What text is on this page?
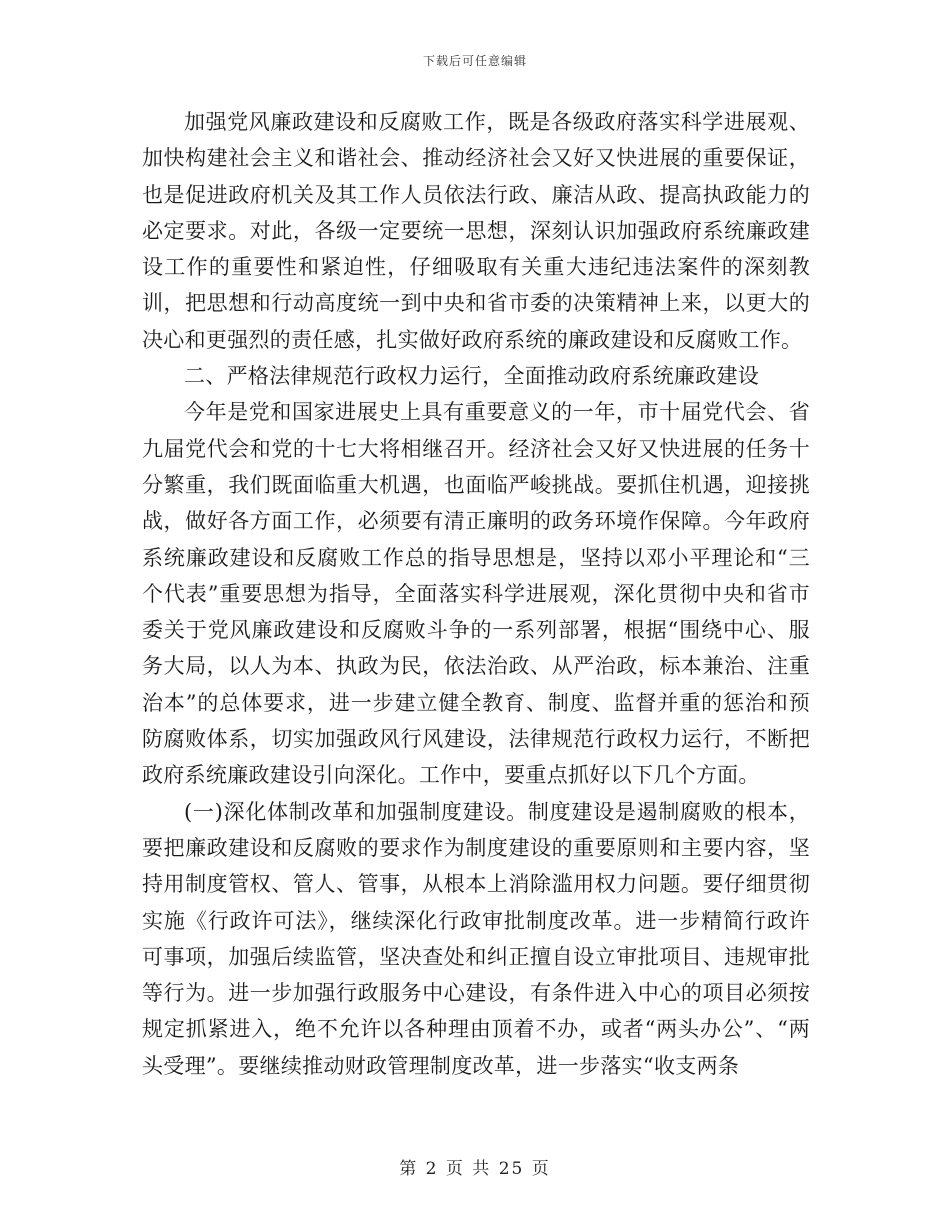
下载后可任意编辑

加强党风廉政建设和反腐败工作，既是各级政府落实科学进展观、加快构建社会主义和谐社会、推动经济社会又好又快进展的重要保证，也是促进政府机关及其工作人员依法行政、廉洁从政、提高执政能力的必定要求。对此，各级一定要统一思想，深刻认识加强政府系统廉政建设工作的重要性和紧迫性，仔细吸取有关重大违纪违法案件的深刻教训，把思想和行动高度统一到中央和省市委的决策精神上来，以更大的决心和更强烈的责任感，扎实做好政府系统的廉政建设和反腐败工作。

二、严格法律规范行政权力运行，全面推动政府系统廉政建设

今年是党和国家进展史上具有重要意义的一年，市十届党代会、省九届党代会和党的十七大将相继召开。经济社会又好又快进展的任务十分繁重，我们既面临重大机遇，也面临严峻挑战。要抓住机遇，迎接挑战，做好各方面工作，必须要有清正廉明的政务环境作保障。今年政府系统廉政建设和反腐败工作总的指导思想是，坚持以邓小平理论和“三个代表”重要思想为指导，全面落实科学进展观，深化贯彻中央和省市委关于党风廉政建设和反腐败斗争的一系列部署，根据“围绕中心、服务大局，以人为本、执政为民，依法治政、从严治政，标本兼治、注重治本”的总体要求，进一步建立健全教育、制度、监督并重的惩治和预防腐败体系，切实加强政风行风建设，法律规范行政权力运行，不断把政府系统廉政建设引向深化。工作中，要重点抓好以下几个方面。

(一)深化体制改革和加强制度建设。制度建设是遏制腐败的根本，要把廉政建设和反腐败的要求作为制度建设的重要原则和主要内容，坚持用制度管权、管人、管事，从根本上消除滥用权力问题。要仔细贯彻实施《行政许可法》，继续深化行政审批制度改革。进一步精简行政许可事项，加强后续监管，坚决查处和纠正擅自设立审批项目、违规审批等行为。进一步加强行政服务中心建设，有条件进入中心的项目必须按规定抓紧进入，绝不允许以各种理由顶着不办，或者“两头办公”、“两头受理”。要继续推动财政管理制度改革，进一步落实“收支两条

第 2 页 共 25 页
